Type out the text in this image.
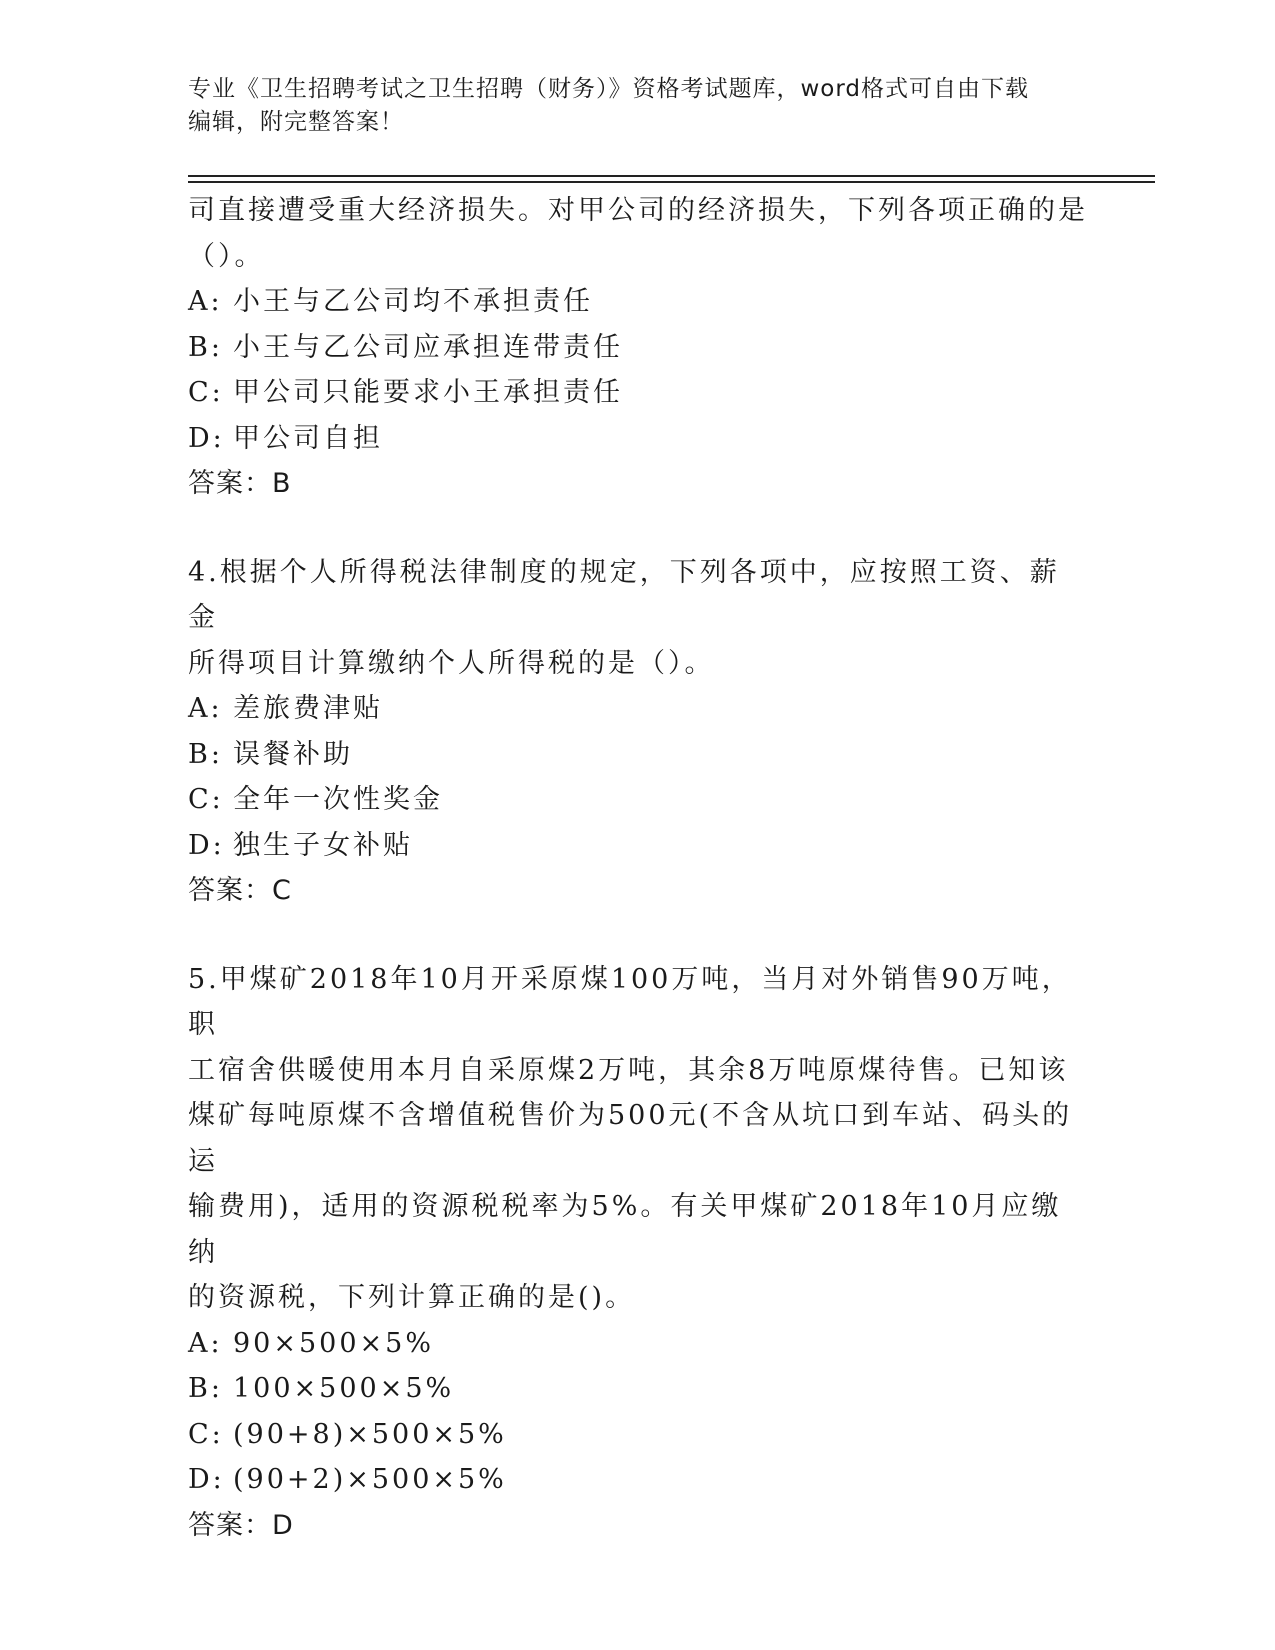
专业《卫生招聘考试之卫生招聘（财务）》资格考试题库，word格式可自由下载
编辑，附完整答案！

司直接遭受重大经济损失。对甲公司的经济损失，下列各项正确的是

（）。

A: 小王与乙公司均不承担责任

B: 小王与乙公司应承担连带责任

C: 甲公司只能要求小王承担责任

D: 甲公司自担

答案：B

4.根据个人所得税法律制度的规定，下列各项中，应按照工资、薪金

所得项目计算缴纳个人所得税的是（）。

A: 差旅费津贴

B: 误餐补助

C: 全年一次性奖金

D: 独生子女补贴

答案：C

5.甲煤矿2018年10月开采原煤100万吨，当月对外销售90万吨，职

工宿舍供暖使用本月自采原煤2万吨，其余8万吨原煤待售。已知该

煤矿每吨原煤不含增值税售价为500元(不含从坑口到车站、码头的运

输费用)，适用的资源税税率为5%。有关甲煤矿2018年10月应缴纳

的资源税，下列计算正确的是()。

A: 90×500×5%

B: 100×500×5%

C: (90+8)×500×5%

D: (90+2)×500×5%

答案：D
